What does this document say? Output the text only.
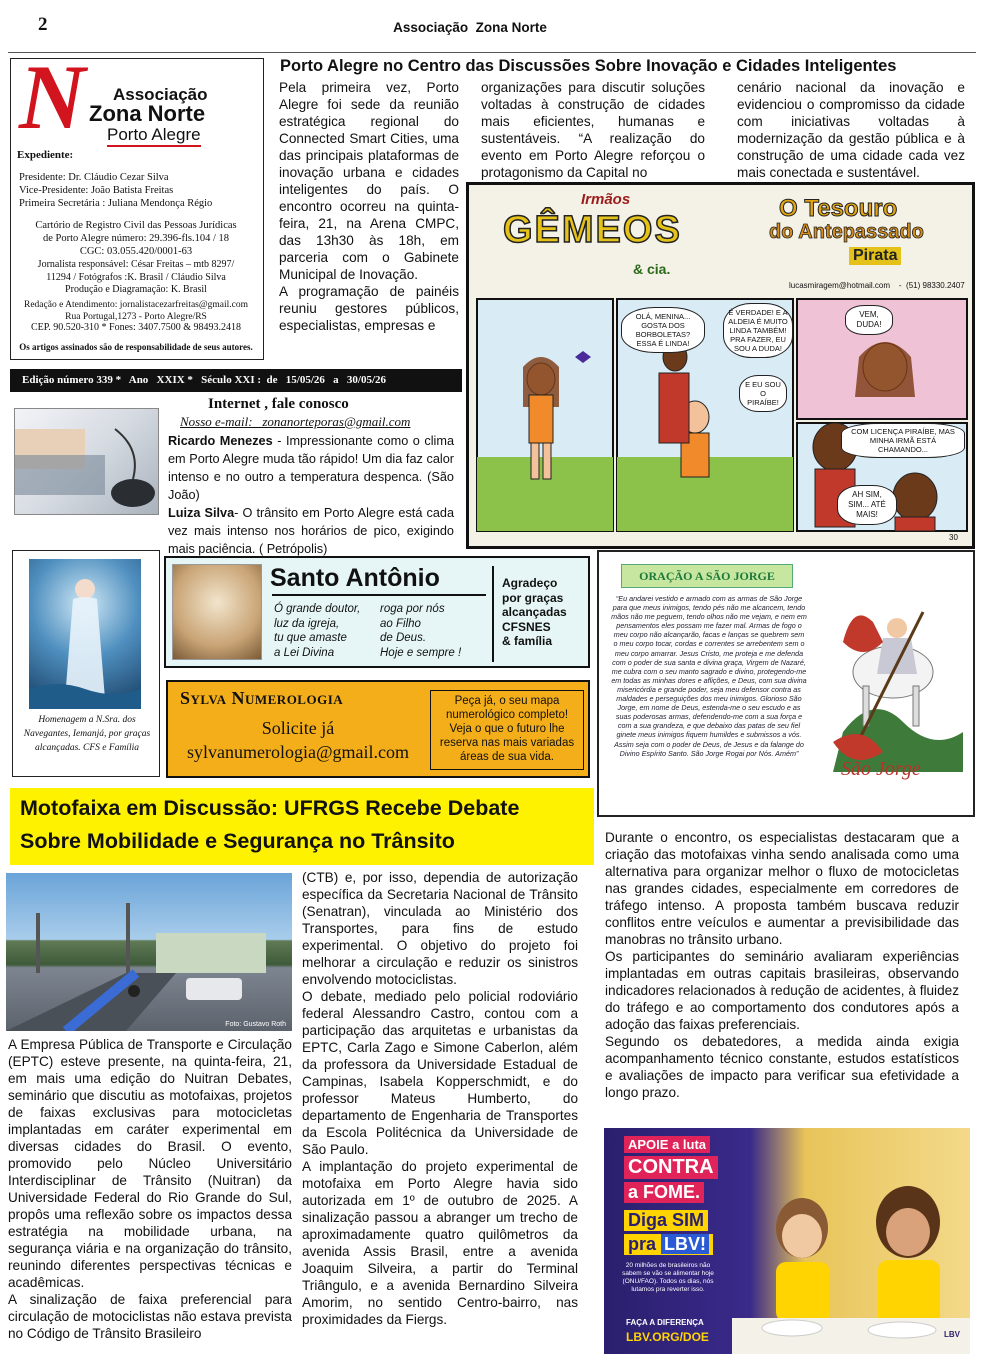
2	Associação  Zona Norte
N Associação
Zona Norte
Porto Alegre
Expediente:
Presidente: Dr. Cláudio Cezar Silva
Vice-Presidente: João Batista Freitas
Primeira Secretária : Juliana Mendonça Régio
Cartório de Registro Civil das Pessoas Jurídicas
de Porto Alegre número: 29.396-fls.104 / 18
CGC: 03.055.420/0001-63
Jornalista responsável: César Freitas – mtb 8297/
11294 / Fotógrafos :K. Brasil / Cláudio Silva
Produção e Diagramação: K. Brasil
Redação e Atendimento: jornalistacezarfreitas@gmail.com
Rua Portugal,1273 - Porto Alegre/RS
CEP. 90.520-310 * Fones: 3407.7500 & 98493.2418
Os artigos assinados são de responsabilidade de seus autores.
Edição número 339 *   Ano   XXIX *   Século XXI :  de   15/05/26   a   30/05/26
Porto Alegre no Centro das Discussões Sobre Inovação e Cidades Inteligentes

Pela primeira vez, Porto Alegre foi sede da reunião estratégica regional do Connected Smart Cities, uma das principais plataformas de inovação urbana e cidades inteligentes do país. O encontro ocorreu na quinta-feira, 21, na Arena CMPC, das 13h30 às 18h, em parceria com o Gabinete Municipal de Inovação.

A programação de painéis reuniu gestores públicos, especialistas, empresas e

organizações para discutir soluções voltadas à construção de cidades mais eficientes, humanas e sustentáveis. “A realização do evento em Porto Alegre reforçou o protagonismo da Capital no

cenário nacional da inovação e evidenciou o compromisso da cidade com iniciativas voltadas à modernização da gestão pública e à construção de uma cidade cada vez mais conectada e sustentável.

Irmãos
GÊMEOS
& cia.
O Tesouro
do Antepassado
Pirata
lucasmiragem@hotmail.com    -  (51) 98330.2407
OLÁ, MENINA... GOSTA DOS BORBOLETAS? ESSA É LINDA!
É VERDADE! E A ALDEIA É MUITO LINDA TAMBÉM! PRA FAZER, EU SOU A DUDA!
E EU SOU O PIRAÍBE!
VEM, DUDA!
COM LICENÇA PIRAÍBE, MAS MINHA IRMÃ ESTÁ CHAMANDO...
AH SIM, SIM... ATÉ MAIS!
30
Internet , fale conosco
Nosso e-mail:   zonanorteporas@gmail.com

Ricardo Menezes - Impressionante como o clima em Porto Alegre muda tão rápido! Um dia faz calor intenso e no outro a temperatura despenca. (São João)

Luiza Silva- O trânsito em Porto Alegre está cada vez mais intenso nos horários de pico, exigindo mais paciência. ( Petrópolis)

Homenagem a N.Sra. dos Navegantes, Iemanjá, por graças alcançadas. CFS e Família
Santo Antônio
Ó grande doutor,
luz da igreja,
tu que amaste
a Lei Divina
roga por nós
ao Filho
de Deus.
Hoje e sempre !
Agradeço
por graças
alcançadas
CFSNES
& família
Sylva Numerologia
Solicite já
sylvanumerologia@gmail.com
Peça já, o seu mapa numerológico completo! Veja o que o futuro lhe reserva nas mais variadas áreas de sua vida.
ORAÇÃO A SÃO JORGE
“Eu andarei vestido e armado com as armas de São Jorge para que meus inimigos, tendo pés não me alcancem, tendo mãos não me peguem, tendo olhos não me vejam, e nem em pensamentos eles possam me fazer mal. Armas de fogo o meu corpo não alcançarão, facas e lanças se quebrem sem o meu corpo tocar, cordas e correntes se arrebentem sem o meu corpo amarrar. Jesus Cristo, me proteja e me defenda com o poder de sua santa e divina graça, Virgem de Nazaré, me cubra com o seu manto sagrado e divino, protegendo-me em todas as minhas dores e aflições, e Deus, com sua divina misericórdia e grande poder, seja meu defensor contra as maldades e perseguições dos meu inimigos. Glorioso São Jorge, em nome de Deus, estenda-me o seu escudo e as suas poderosas armas, defendendo-me com a sua força e com a sua grandeza, e que debaixo das patas de seu fiel ginete meus inimigos fiquem humildes e submissos a vós. Assim seja com o poder de Deus, de Jesus e da falange do Divino Espírito Santo. São Jorge Rogai por Nós. Amém”
São Jorge
Motofaixa em Discussão: UFRGS Recebe Debate
Sobre Mobilidade e Segurança no Trânsito
Foto: Gustavo Roth

A Empresa Pública de Transporte e Circulação (EPTC) esteve presente, na quinta-feira, 21, em mais uma edição do Nuitran Debates, seminário que discutiu as motofaixas, projetos de faixas exclusivas para motocicletas implantadas em caráter experimental em diversas cidades do Brasil. O evento, promovido pelo Núcleo Universitário Interdisciplinar de Trânsito (Nuitran) da Universidade Federal do Rio Grande do Sul, propôs uma reflexão sobre os impactos dessa estratégia na mobilidade urbana, na segurança viária e na organização do trânsito, reunindo diferentes perspectivas técnicas e acadêmicas.

A sinalização de faixa preferencial para circulação de motociclistas não estava prevista no Código de Trânsito Brasileiro

(CTB) e, por isso, dependia de autorização específica da Secretaria Nacional de Trânsito (Senatran), vinculada ao Ministério dos Transportes, para fins de estudo experimental. O objetivo do projeto foi melhorar a circulação e reduzir os sinistros envolvendo motociclistas.

O debate, mediado pelo policial rodoviário federal Alessandro Castro, contou com a participação das arquitetas e urbanistas da EPTC, Carla Zago e Simone Caberlon, além da professora da Universidade Estadual de Campinas, Isabela Kopperschmidt, e do professor Mateus Humberto, do departamento de Engenharia de Transportes da Escola Politécnica da Universidade de São Paulo.

A implantação do projeto experimental de motofaixa em Porto Alegre havia sido autorizada em 1º de outubro de 2025. A sinalização passou a abranger um trecho de aproximadamente quatro quilômetros da avenida Assis Brasil, entre a avenida Joaquim Silveira, a partir do Terminal Triângulo, e a avenida Bernardino Silveira Amorim, no sentido Centro-bairro, nas proximidades da Fiergs.

Durante o encontro, os especialistas destacaram que a criação das motofaixas vinha sendo analisada como uma alternativa para organizar melhor o fluxo de motocicletas nas grandes cidades, especialmente em corredores de tráfego intenso. A proposta também buscava reduzir conflitos entre veículos e aumentar a previsibilidade das manobras no trânsito urbano.

Os participantes do seminário avaliaram experiências implantadas em outras capitais brasileiras, observando indicadores relacionados à redução de acidentes, à fluidez do tráfego e ao comportamento dos condutores após a adoção das faixas preferenciais.

Segundo os debatedores, a medida ainda exigia acompanhamento técnico constante, estudos estatísticos e avaliações de impacto para verificar sua efetividade a longo prazo.

APOIE a luta
CONTRA
a FOME.
Diga SIM
pra LBV!
20 milhões de brasileiros não sabem se vão se alimentar hoje (ONU/FAO). Todos os dias, nós lutamos pra reverter isso.
FAÇA A DIFERENÇA
LBV.ORG/DOE	LBV
